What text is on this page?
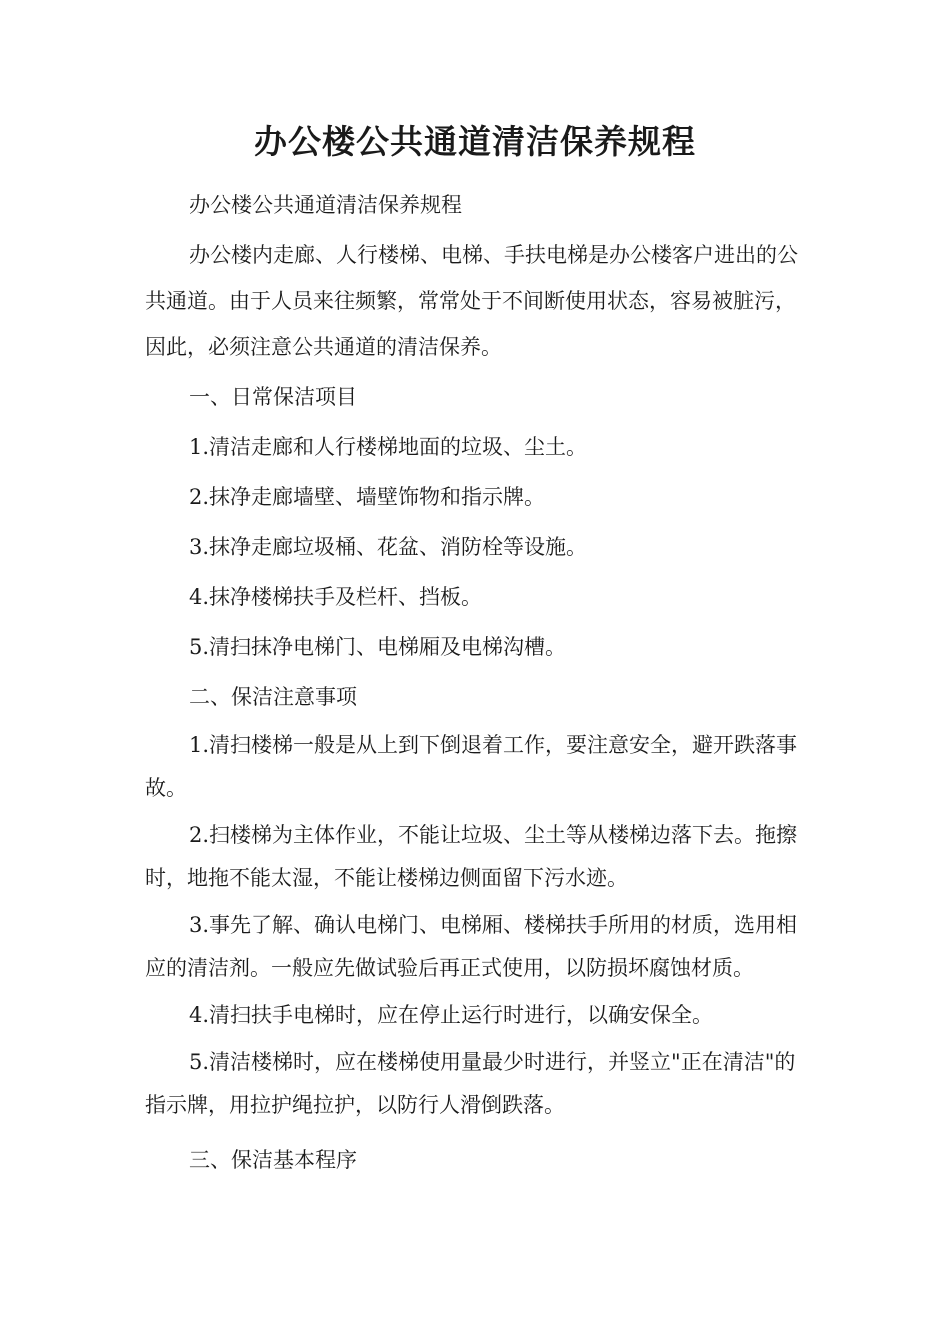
办公楼公共通道清洁保养规程

办公楼公共通道清洁保养规程

办公楼内走廊、人行楼梯、电梯、手扶电梯是办公楼客户进出的公共通道。由于人员来往频繁，常常处于不间断使用状态，容易被脏污，因此，必须注意公共通道的清洁保养。

一、日常保洁项目

1.清洁走廊和人行楼梯地面的垃圾、尘土。

2.抹净走廊墙壁、墙壁饰物和指示牌。

3.抹净走廊垃圾桶、花盆、消防栓等设施。

4.抹净楼梯扶手及栏杆、挡板。

5.清扫抹净电梯门、电梯厢及电梯沟槽。

二、保洁注意事项

1.清扫楼梯一般是从上到下倒退着工作，要注意安全，避开跌落事故。

2.扫楼梯为主体作业，不能让垃圾、尘土等从楼梯边落下去。拖擦时，地拖不能太湿，不能让楼梯边侧面留下污水迹。

3.事先了解、确认电梯门、电梯厢、楼梯扶手所用的材质，选用相应的清洁剂。一般应先做试验后再正式使用，以防损坏腐蚀材质。

4.清扫扶手电梯时，应在停止运行时进行，以确安保全。

5.清洁楼梯时，应在楼梯使用量最少时进行，并竖立"正在清洁"的指示牌，用拉护绳拉护，以防行人滑倒跌落。

三、保洁基本程序
